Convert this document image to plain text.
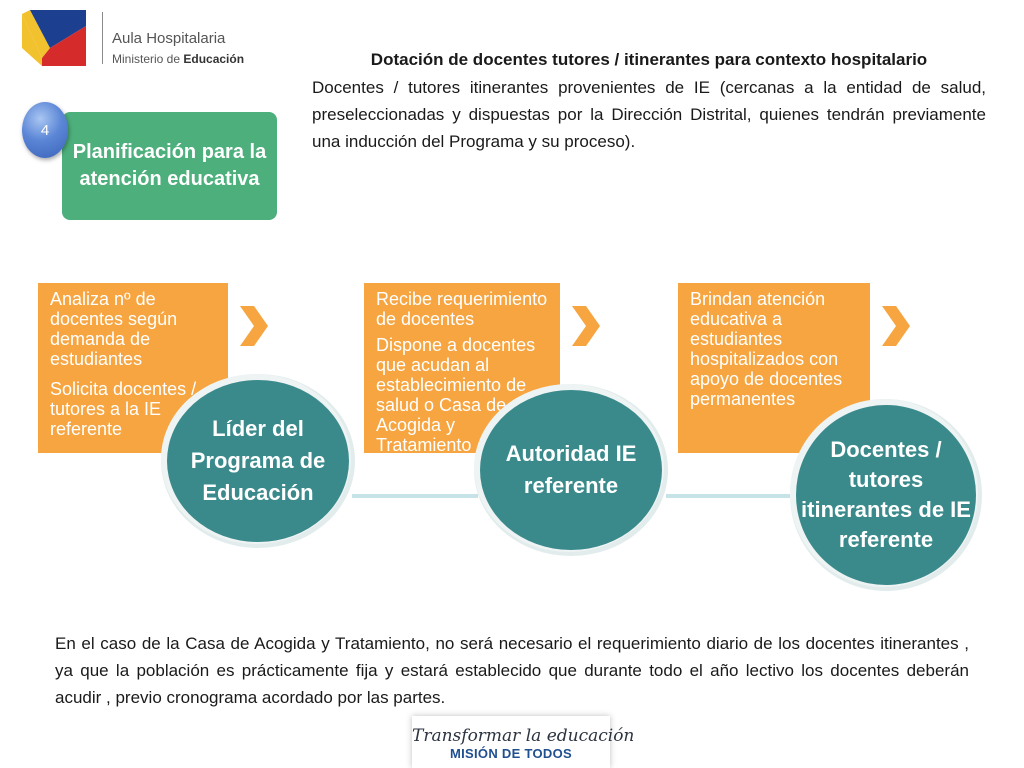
Aula Hospitalaria
Ministerio de Educación	Dotación de docentes tutores / itinerantes para contexto hospitalario
Docentes / tutores itinerantes provenientes de IE (cercanas a la entidad de salud, preseleccionadas y dispuestas por la Dirección Distrital, quienes tendrán previamente una inducción del Programa y su proceso).
Planificación para la atención educativa
4

Analiza nº de docentes según demanda de estudiantes

Solicita docentes / tutores a la IE referente

Recibe requerimiento de docentes

Dispone a docentes que acudan al establecimiento de salud o Casa de Acogida y Tratamiento

Brindan atención educativa a estudiantes hospitalizados con apoyo de docentes permanentes

Líder del Programa de Educación
Autoridad IE referente
Docentes / tutores itinerantes de IE referente
En el caso de la Casa de Acogida y Tratamiento, no será necesario el requerimiento diario de los docentes itinerantes , ya que la población es prácticamente fija y estará establecido que durante todo el año lectivo los docentes deberán acudir , previo cronograma acordado por las partes.
Transformar la educación
MISIÓN DE TODOS
